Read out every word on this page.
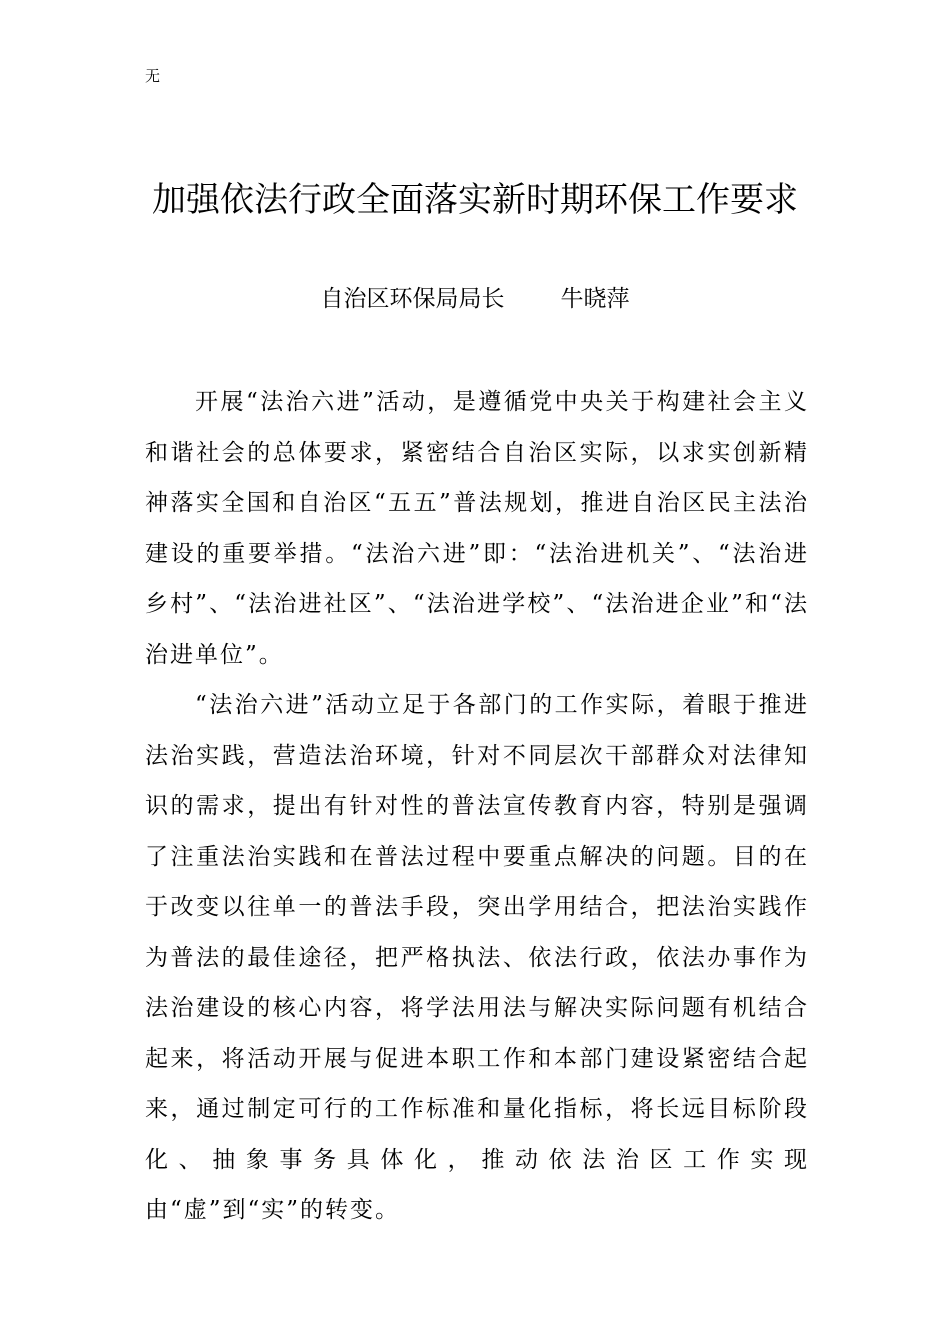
无
加强依法行政全面落实新时期环保工作要求
自治区环保局局长 牛晓萍

开展“法治六进”活动，是遵循党中央关于构建社会主义和谐社会的总体要求，紧密结合自治区实际，以求实创新精神落实全国和自治区“五五”普法规划，推进自治区民主法治建设的重要举措。“法治六进”即：“法治进机关”、“法治进乡村”、“法治进社区”、“法治进学校”、“法治进企业”和“法治进单位”。

“法治六进”活动立足于各部门的工作实际，着眼于推进法治实践，营造法治环境，针对不同层次干部群众对法律知识的需求，提出有针对性的普法宣传教育内容，特别是强调了注重法治实践和在普法过程中要重点解决的问题。目的在于改变以往单一的普法手段，突出学用结合，把法治实践作为普法的最佳途径，把严格执法、依法行政，依法办事作为法治建设的核心内容，将学法用法与解决实际问题有机结合起来，将活动开展与促进本职工作和本部门建设紧密结合起来，通过制定可行的工作标准和量化指标，将长远目标阶段化、抽象事务具体化，推动依法治区工作实现由“虚”到“实”的转变。
